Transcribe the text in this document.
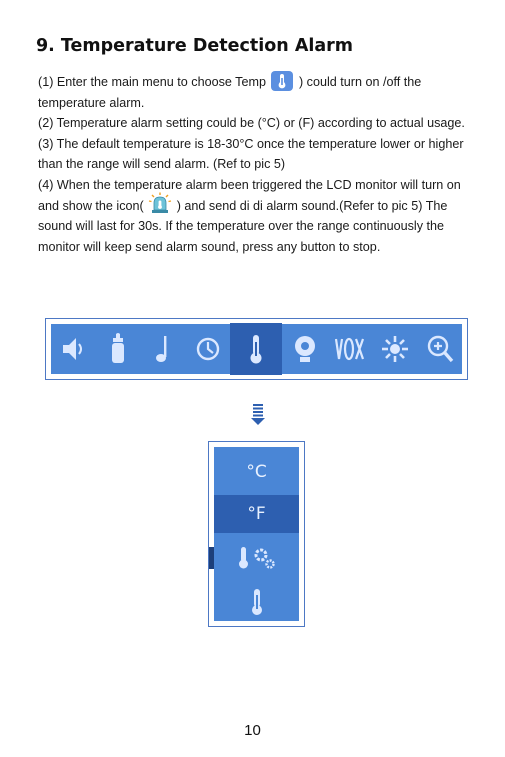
9. Temperature Detection Alarm

(1) Enter the main menu to choose Temp	) could turn on /off the temperature alarm.

(2) Temperature alarm setting could be (°C) or (F) according to actual usage.

(3) The default temperature is 18-30°C once the temperature lower or higher than the range will send alarm. (Ref to pic 5)

(4) When the temperature alarm been triggered the LCD monitor will turn on and show the icon(	) and send di di alarm sound.(Refer to pic 5) The sound will last for 30s. If the temperature over the range continuously the monitor will keep send alarm sound, press any button to stop.

°C
°F
10
